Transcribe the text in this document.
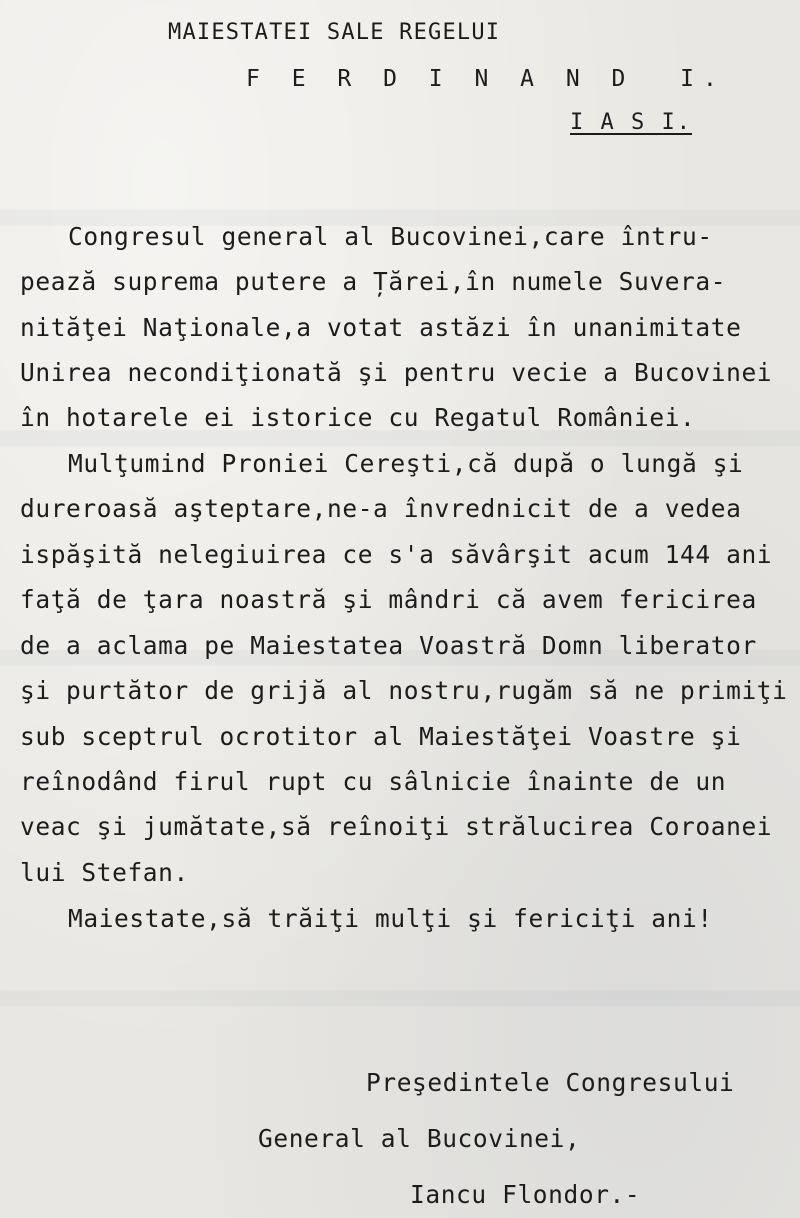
MAIESTATEI SALE REGELUI
F E R D I N A N D  I.
I A S I.
Congresul general al Bucovinei,care întru-
pează suprema putere a Țărei,în numele Suvera-
nităţei Naţionale,a votat astăzi în unanimitate
Unirea necondiţionată şi pentru vecie a Bucovinei
în hotarele ei istorice cu Regatul României.
Mulţumind Proniei Cereşti,că după o lungă şi
dureroasă aşteptare,ne-a învrednicit de a vedea
ispăşită nelegiuirea ce s'a săvârşit acum 144 ani
faţă de ţara noastră şi mândri că avem fericirea
de a aclama pe Maiestatea Voastră Domn liberator
şi purtător de grijă al nostru,rugăm să ne primiţi
sub sceptrul ocrotitor al Maiestăţei Voastre şi
reînodând firul rupt cu sâlnicie înainte de un
veac şi jumătate,să reînoiţi strălucirea Coroanei
lui Stefan.
Maiestate,să trăiţi mulţi şi fericiţi ani!
Preşedintele Congresului
General al Bucovinei,
Iancu Flondor.-
